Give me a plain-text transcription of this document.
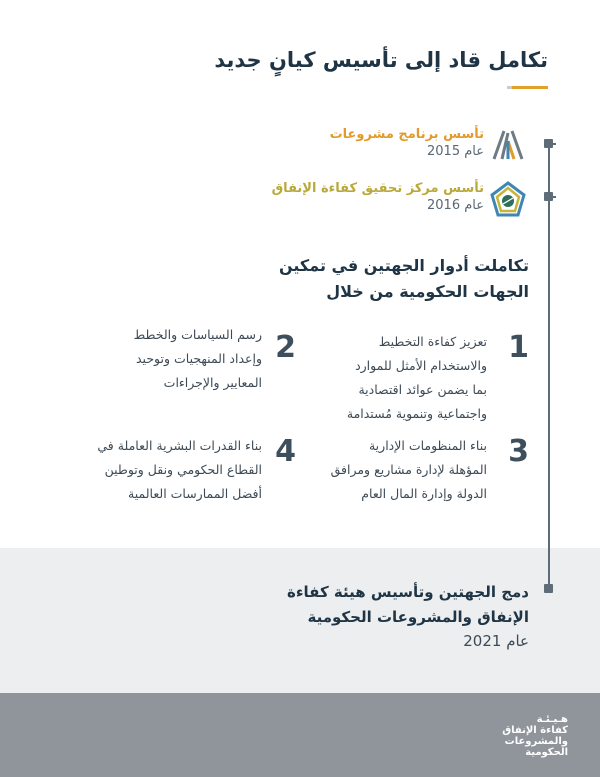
تكامل قاد إلى تأسيس كيانٍ جديد
تأسس برنامج مشروعات
عام 2015
تأسس مركز تحقيق كفاءة الإنفاق
عام 2016
تكاملت أدوار الجهتين في تمكين
الجهات الحكومية من خلال
1
تعزيز كفاءة التخطيط
والاستخدام الأمثل للموارد
بما يضمن عوائد اقتصادية
واجتماعية وتنموية مُستدامة
2
رسم السياسات والخطط
وإعداد المنهجيات وتوحيد
المعايير والإجراءات
3
بناء المنظومات الإدارية
المؤهلة لإدارة مشاريع ومرافق
الدولة وإدارة المال العام
4
بناء القدرات البشرية العاملة في
القطاع الحكومي ونقل وتوطين
أفضل الممارسات العالمية
دمج الجهتين وتأسيس هيئة كفاءة
الإنفاق والمشروعات الحكومية
عام 2021
هـيـئـة
كفاءة الإنفاق
والمشروعات
الحكومية
